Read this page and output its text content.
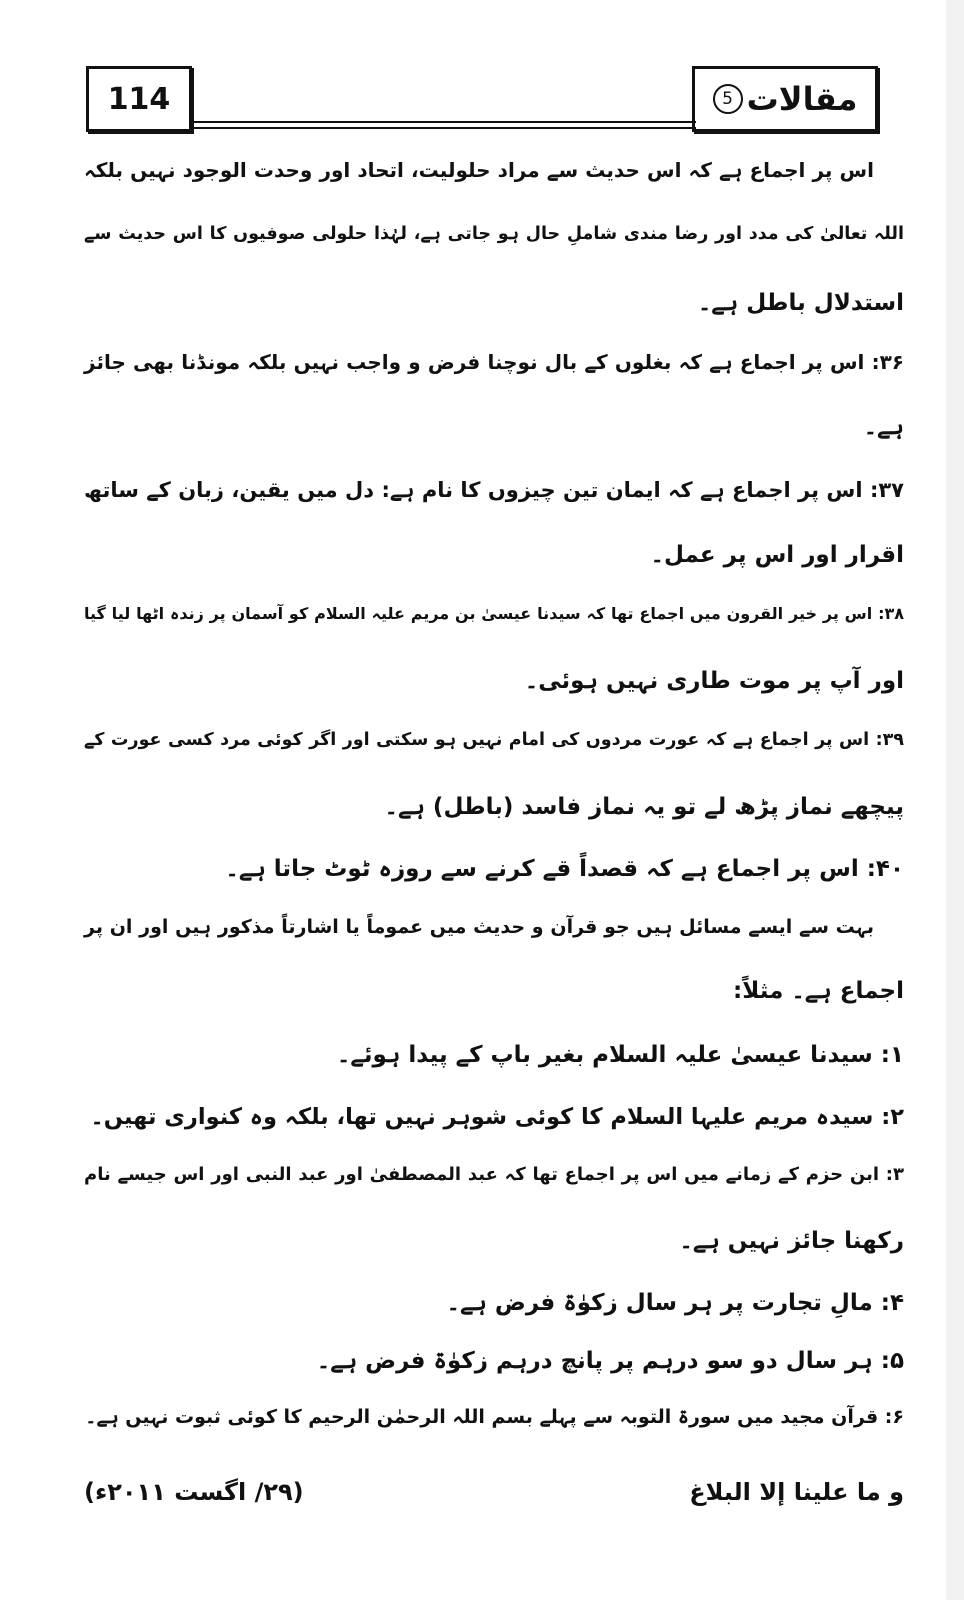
114	مقالات
5
اس پر اجماع ہے کہ اس حدیث سے مراد حلولیت، اتحاد اور وحدت الوجود نہیں بلکہ
اللہ تعالیٰ کی مدد اور رضا مندی شاملِ حال ہو جاتی ہے، لہٰذا حلولی صوفیوں کا اس حدیث سے
استدلال باطل ہے۔
۳۶: اس پر اجماع ہے کہ بغلوں کے بال نوچنا فرض و واجب نہیں بلکہ مونڈنا بھی جائز
ہے۔
۳۷: اس پر اجماع ہے کہ ایمان تین چیزوں کا نام ہے: دل میں یقین، زبان کے ساتھ
اقرار اور اس پر عمل۔
۳۸: اس پر خیر القرون میں اجماع تھا کہ سیدنا عیسیٰ بن مریم علیہ السلام کو آسمان پر زندہ اٹھا لیا گیا
اور آپ پر موت طاری نہیں ہوئی۔
۳۹: اس پر اجماع ہے کہ عورت مردوں کی امام نہیں ہو سکتی اور اگر کوئی مرد کسی عورت کے
پیچھے نماز پڑھ لے تو یہ نماز فاسد (باطل) ہے۔
۴۰: اس پر اجماع ہے کہ قصداً قے کرنے سے روزہ ٹوٹ جاتا ہے۔
بہت سے ایسے مسائل ہیں جو قرآن و حدیث میں عموماً یا اشارتاً مذکور ہیں اور ان پر
اجماع ہے۔ مثلاً:
۱: سیدنا عیسیٰ علیہ السلام بغیر باپ کے پیدا ہوئے۔
۲: سیدہ مریم علیہا السلام کا کوئی شوہر نہیں تھا، بلکہ وہ کنواری تھیں۔
۳: ابن حزم کے زمانے میں اس پر اجماع تھا کہ عبد المصطفیٰ اور عبد النبی اور اس جیسے نام
رکھنا جائز نہیں ہے۔
۴: مالِ تجارت پر ہر سال زکوٰۃ فرض ہے۔
۵: ہر سال دو سو درہم پر پانچ درہم زکوٰۃ فرض ہے۔
۶: قرآن مجید میں سورۃ التوبہ سے پہلے بسم اللہ الرحمٰن الرحیم کا کوئی ثبوت نہیں ہے۔
و ما علینا إلا البلاغ
(۲۹/ اگست ۲۰۱۱ء)
